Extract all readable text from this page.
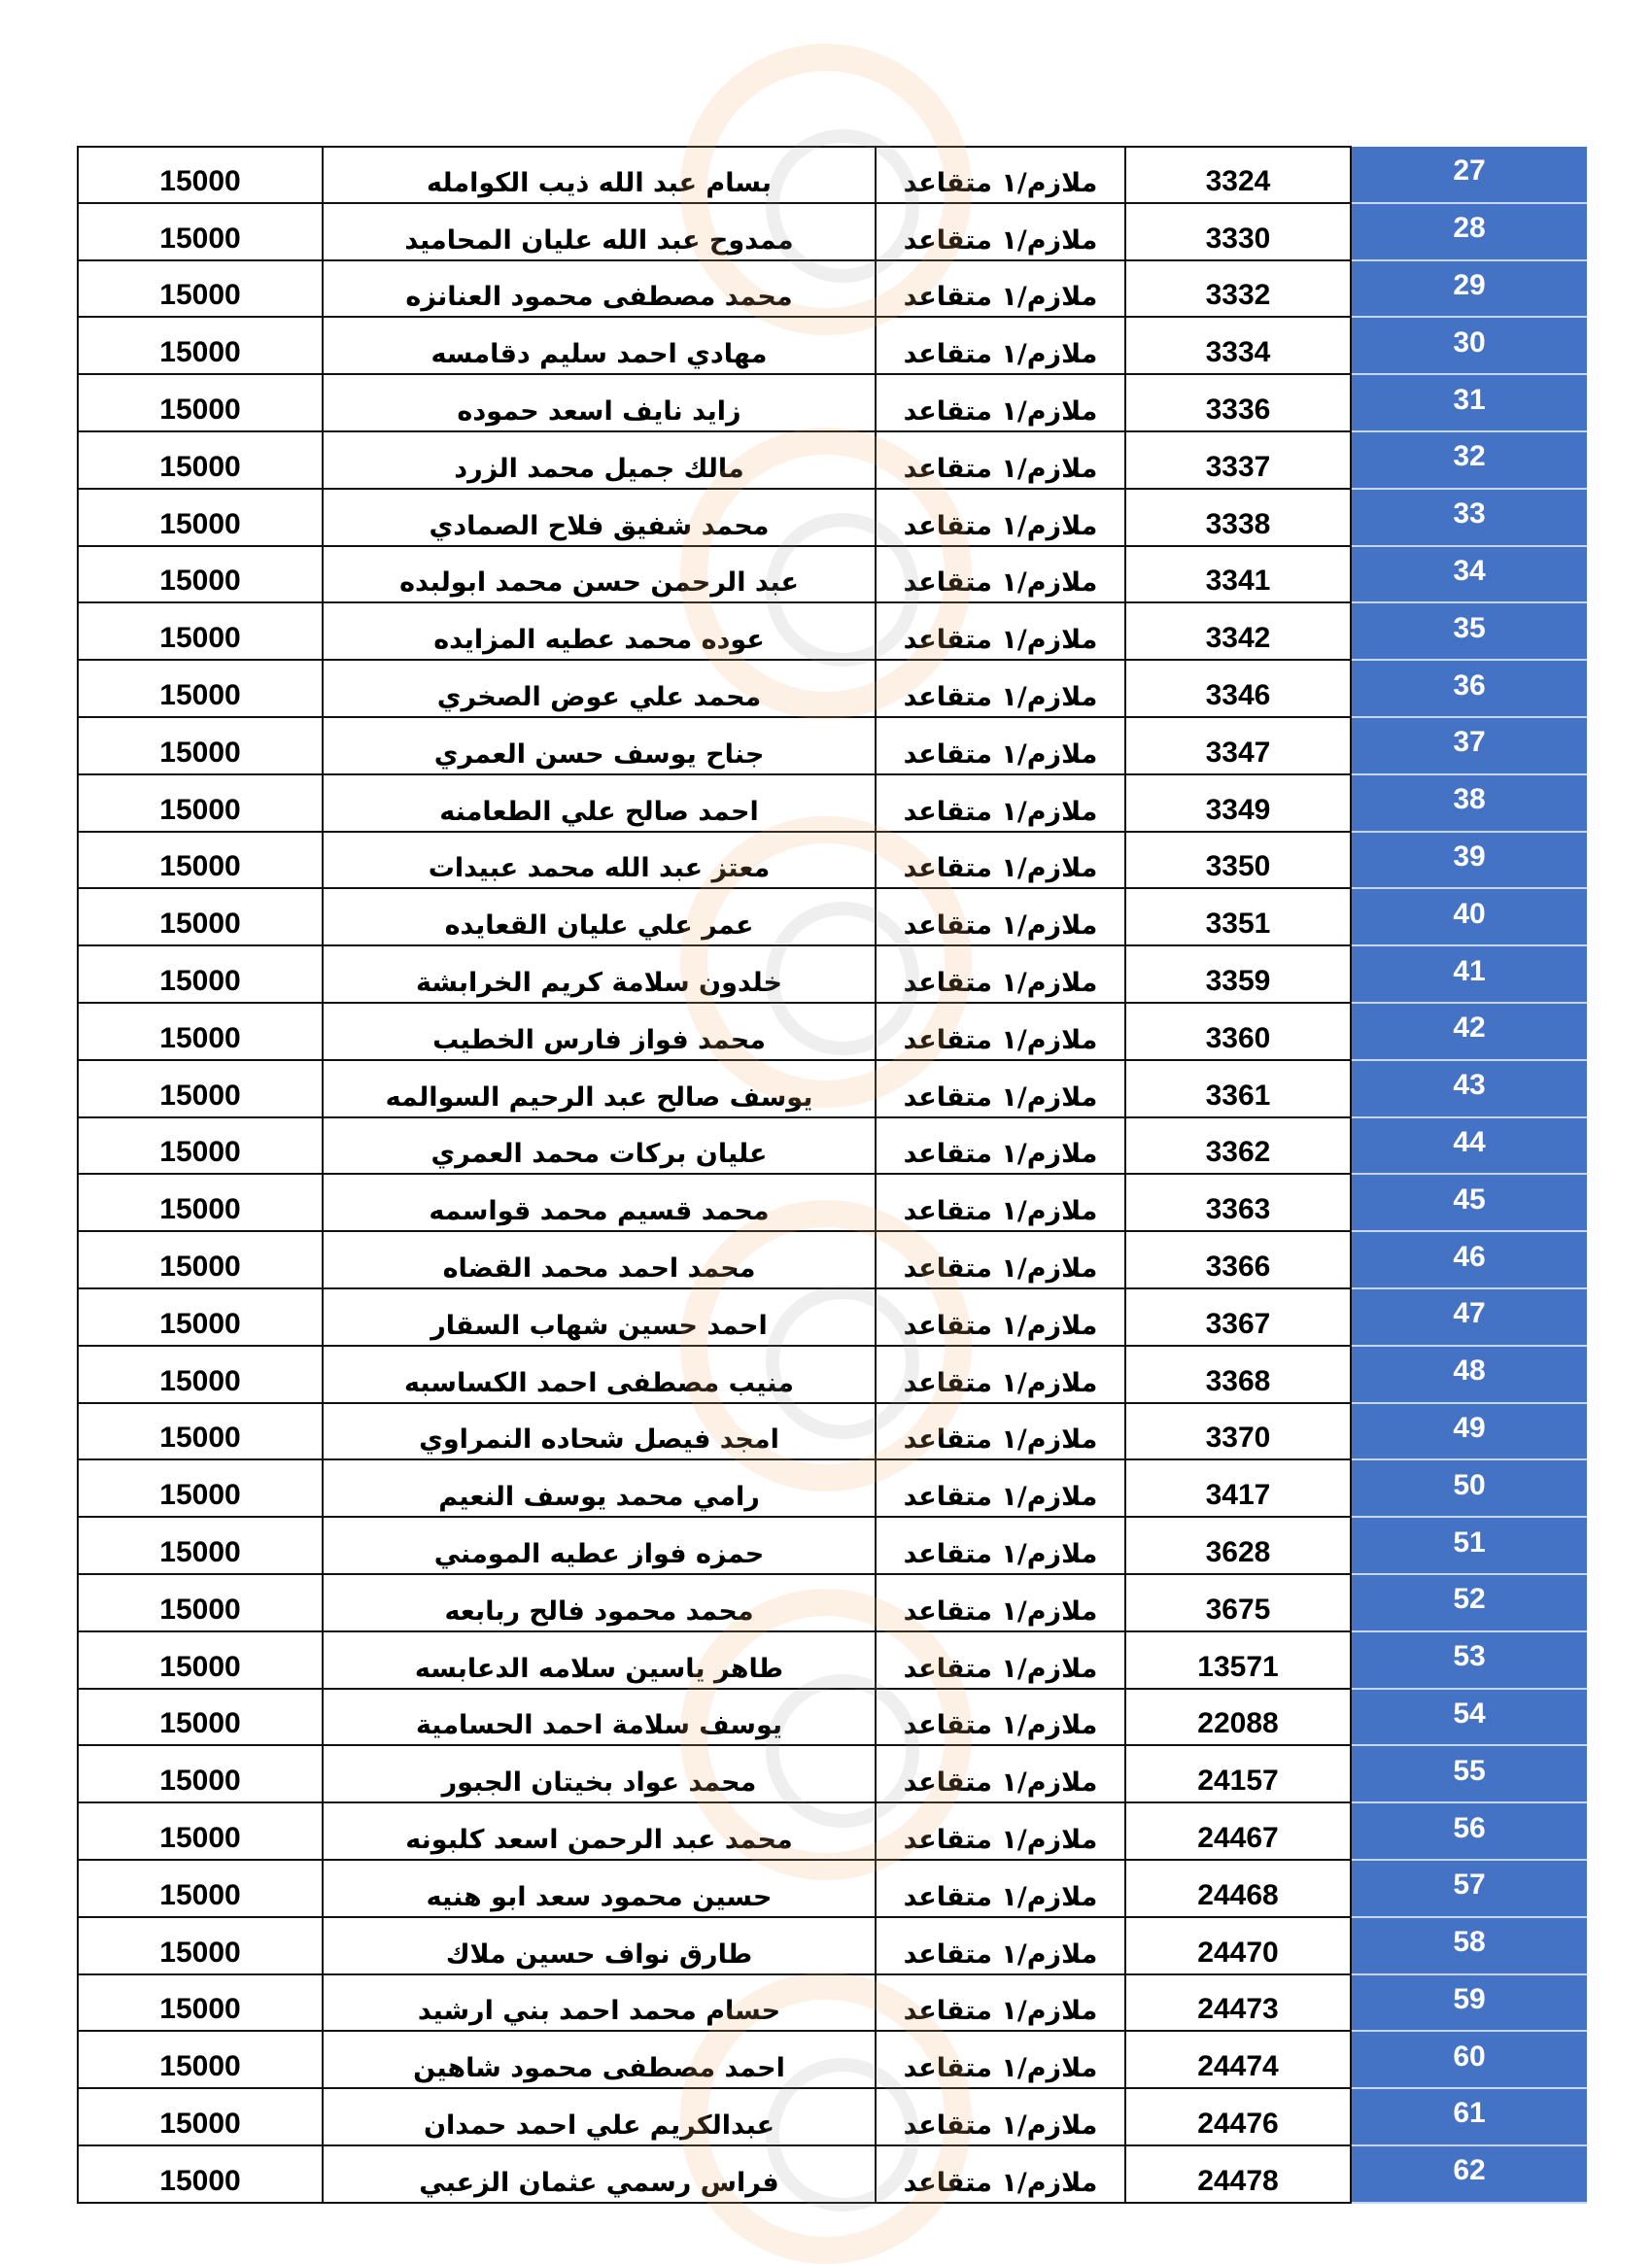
15000	بسام عبد الله ذيب الكوامله	ملازم/١ متقاعد	3324	27
15000	ممدوح عبد الله عليان المحاميد	ملازم/١ متقاعد	3330	28
15000	محمد مصطفى محمود العنانزه	ملازم/١ متقاعد	3332	29
15000	مهادي احمد سليم دقامسه	ملازم/١ متقاعد	3334	30
15000	زايد نايف اسعد حموده	ملازم/١ متقاعد	3336	31
15000	مالك جميل محمد الزرد	ملازم/١ متقاعد	3337	32
15000	محمد شفيق فلاح الصمادي	ملازم/١ متقاعد	3338	33
15000	عبد الرحمن حسن محمد ابولبده	ملازم/١ متقاعد	3341	34
15000	عوده محمد عطيه المزايده	ملازم/١ متقاعد	3342	35
15000	محمد علي عوض الصخري	ملازم/١ متقاعد	3346	36
15000	جناح يوسف حسن العمري	ملازم/١ متقاعد	3347	37
15000	احمد صالح علي الطعامنه	ملازم/١ متقاعد	3349	38
15000	معتز عبد الله محمد عبيدات	ملازم/١ متقاعد	3350	39
15000	عمر علي عليان القعايده	ملازم/١ متقاعد	3351	40
15000	خلدون سلامة كريم الخرابشة	ملازم/١ متقاعد	3359	41
15000	محمد فواز فارس الخطيب	ملازم/١ متقاعد	3360	42
15000	يوسف صالح عبد الرحيم السوالمه	ملازم/١ متقاعد	3361	43
15000	عليان بركات محمد العمري	ملازم/١ متقاعد	3362	44
15000	محمد قسيم محمد قواسمه	ملازم/١ متقاعد	3363	45
15000	محمد احمد محمد القضاه	ملازم/١ متقاعد	3366	46
15000	احمد حسين شهاب السقار	ملازم/١ متقاعد	3367	47
15000	منيب مصطفى احمد الكساسبه	ملازم/١ متقاعد	3368	48
15000	امجد فيصل شحاده النمراوي	ملازم/١ متقاعد	3370	49
15000	رامي محمد يوسف النعيم	ملازم/١ متقاعد	3417	50
15000	حمزه فواز عطيه المومني	ملازم/١ متقاعد	3628	51
15000	محمد محمود فالح ربابعه	ملازم/١ متقاعد	3675	52
15000	طاهر ياسين سلامه الدعابسه	ملازم/١ متقاعد	13571	53
15000	يوسف سلامة احمد الحسامية	ملازم/١ متقاعد	22088	54
15000	محمد عواد بخيتان الجبور	ملازم/١ متقاعد	24157	55
15000	محمد عبد الرحمن اسعد كلبونه	ملازم/١ متقاعد	24467	56
15000	حسين محمود سعد ابو هنيه	ملازم/١ متقاعد	24468	57
15000	طارق نواف حسين ملاك	ملازم/١ متقاعد	24470	58
15000	حسام محمد احمد بني ارشيد	ملازم/١ متقاعد	24473	59
15000	احمد مصطفى محمود شاهين	ملازم/١ متقاعد	24474	60
15000	عبدالكريم علي احمد حمدان	ملازم/١ متقاعد	24476	61
15000	فراس رسمي عثمان الزعبي	ملازم/١ متقاعد	24478	62
